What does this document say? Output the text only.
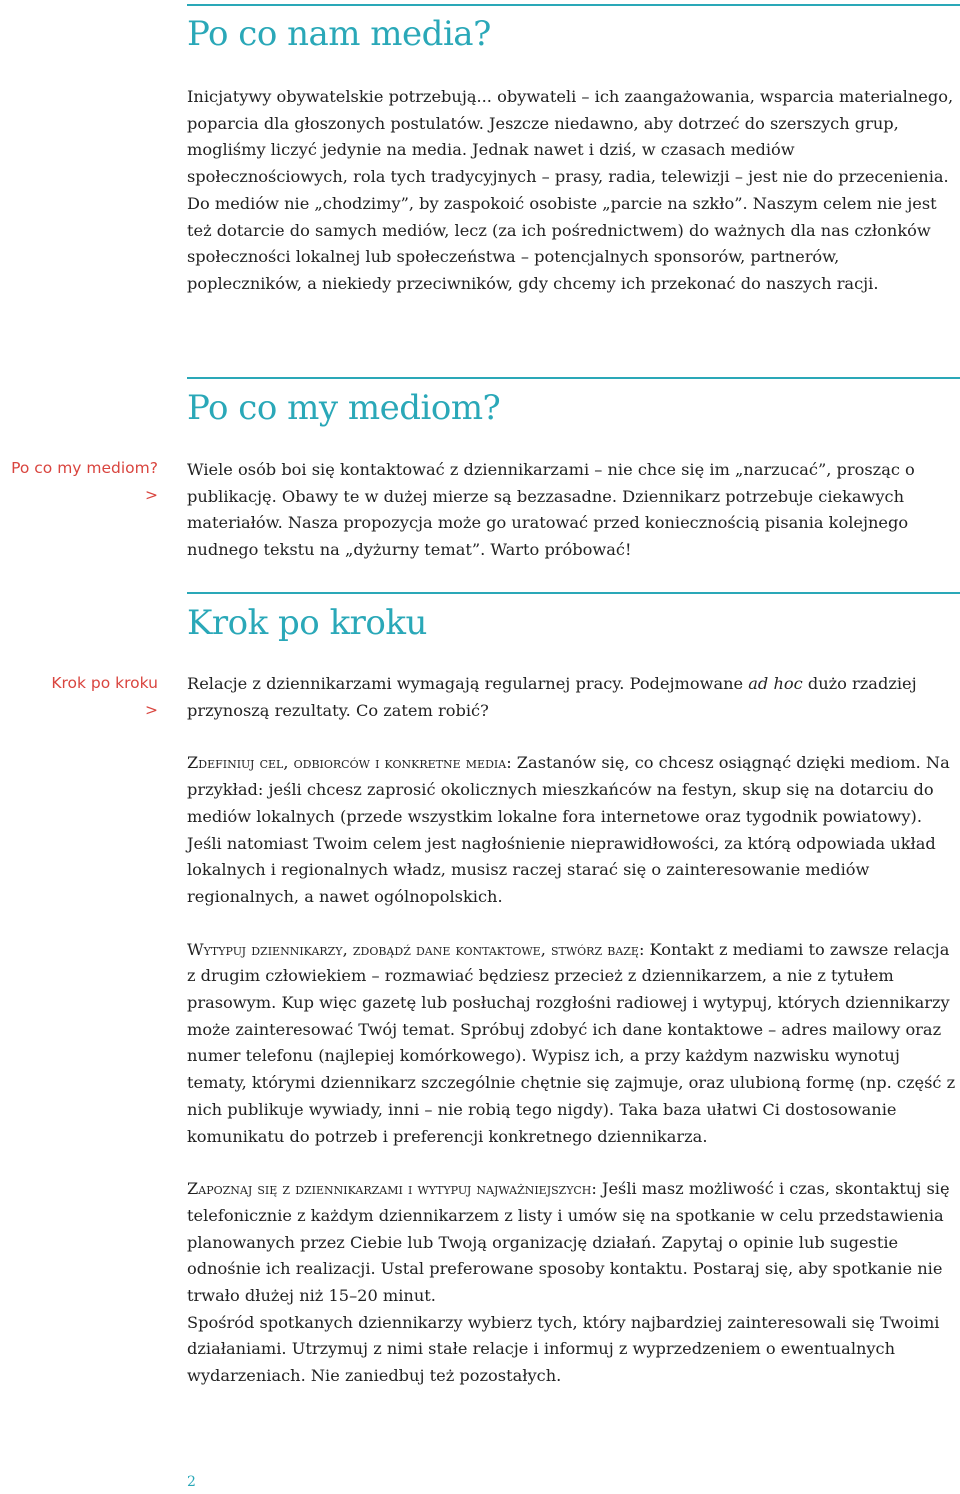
Po co nam media?

Inicjatywy obywatelskie potrzebują... obywateli – ich zaangażowania, wsparcia materialnego, poparcia dla głoszonych postulatów. Jeszcze niedawno, aby dotrzeć do szerszych grup, mogliśmy liczyć jedynie na media. Jednak nawet i dziś, w czasach mediów społecznościowych, rola tych tradycyjnych – prasy, radia, telewizji – jest nie do przecenienia.

Do mediów nie „chodzimy”, by zaspokoić osobiste „parcie na szkło”. Naszym celem nie jest też dotarcie do samych mediów, lecz (za ich pośrednictwem) do ważnych dla nas członków społeczności lokalnej lub społeczeństwa – potencjalnych sponsorów, partnerów, popleczników, a niekiedy przeciwników, gdy chcemy ich przekonać do naszych racji.

Po co my mediom?
Po co my mediom?
>

Wiele osób boi się kontaktować z dziennikarzami – nie chce się im „narzucać”, prosząc o publikację. Obawy te w dużej mierze są bezzasadne. Dziennikarz potrzebuje ciekawych materiałów. Nasza propozycja może go uratować przed koniecznością pisania kolejnego nudnego tekstu na „dyżurny temat”. Warto próbować!

Krok po kroku
Krok po kroku
>

Relacje z dziennikarzami wymagają regularnej pracy. Podejmowane ad hoc dużo rzadziej przynoszą rezultaty. Co zatem robić?

Zdefiniuj cel, odbiorców i konkretne media: Zastanów się, co chcesz osiągnąć dzięki mediom. Na przykład: jeśli chcesz zaprosić okolicznych mieszkańców na festyn, skup się na dotarciu do mediów lokalnych (przede wszystkim lokalne fora internetowe oraz tygodnik powiatowy). Jeśli natomiast Twoim celem jest nagłośnienie nieprawidłowości, za którą odpowiada układ lokalnych i regionalnych władz, musisz raczej starać się o zainteresowanie mediów regionalnych, a nawet ogólnopolskich.

Wytypuj dziennikarzy, zdobądź dane kontaktowe, stwórz bazę: Kontakt z mediami to zawsze relacja z drugim człowiekiem – rozmawiać będziesz przecież z dziennikarzem, a nie z tytułem prasowym. Kup więc gazetę lub posłuchaj rozgłośni radiowej i wytypuj, których dziennikarzy może zainteresować Twój temat. Spróbuj zdobyć ich dane kontaktowe – adres mailowy oraz numer telefonu (najlepiej komórkowego). Wypisz ich, a przy każdym nazwisku wynotuj tematy, którymi dziennikarz szczególnie chętnie się zajmuje, oraz ulubioną formę (np. część z nich publikuje wywiady, inni – nie robią tego nigdy). Taka baza ułatwi Ci dostosowanie komunikatu do potrzeb i preferencji konkretnego dziennikarza.

Zapoznaj się z dziennikarzami i wytypuj najważniejszych: Jeśli masz możliwość i czas, skontaktuj się telefonicznie z każdym dziennikarzem z listy i umów się na spotkanie w celu przedstawienia planowanych przez Ciebie lub Twoją organizację działań. Zapytaj o opinie lub sugestie odnośnie ich realizacji. Ustal preferowane sposoby kontaktu. Postaraj się, aby spotkanie nie trwało dłużej niż 15–20 minut.

Spośród spotkanych dziennikarzy wybierz tych, który najbardziej zainteresowali się Twoimi działaniami. Utrzymuj z nimi stałe relacje i informuj z wyprzedzeniem o ewentualnych wydarzeniach. Nie zaniedbuj też pozostałych.

2
